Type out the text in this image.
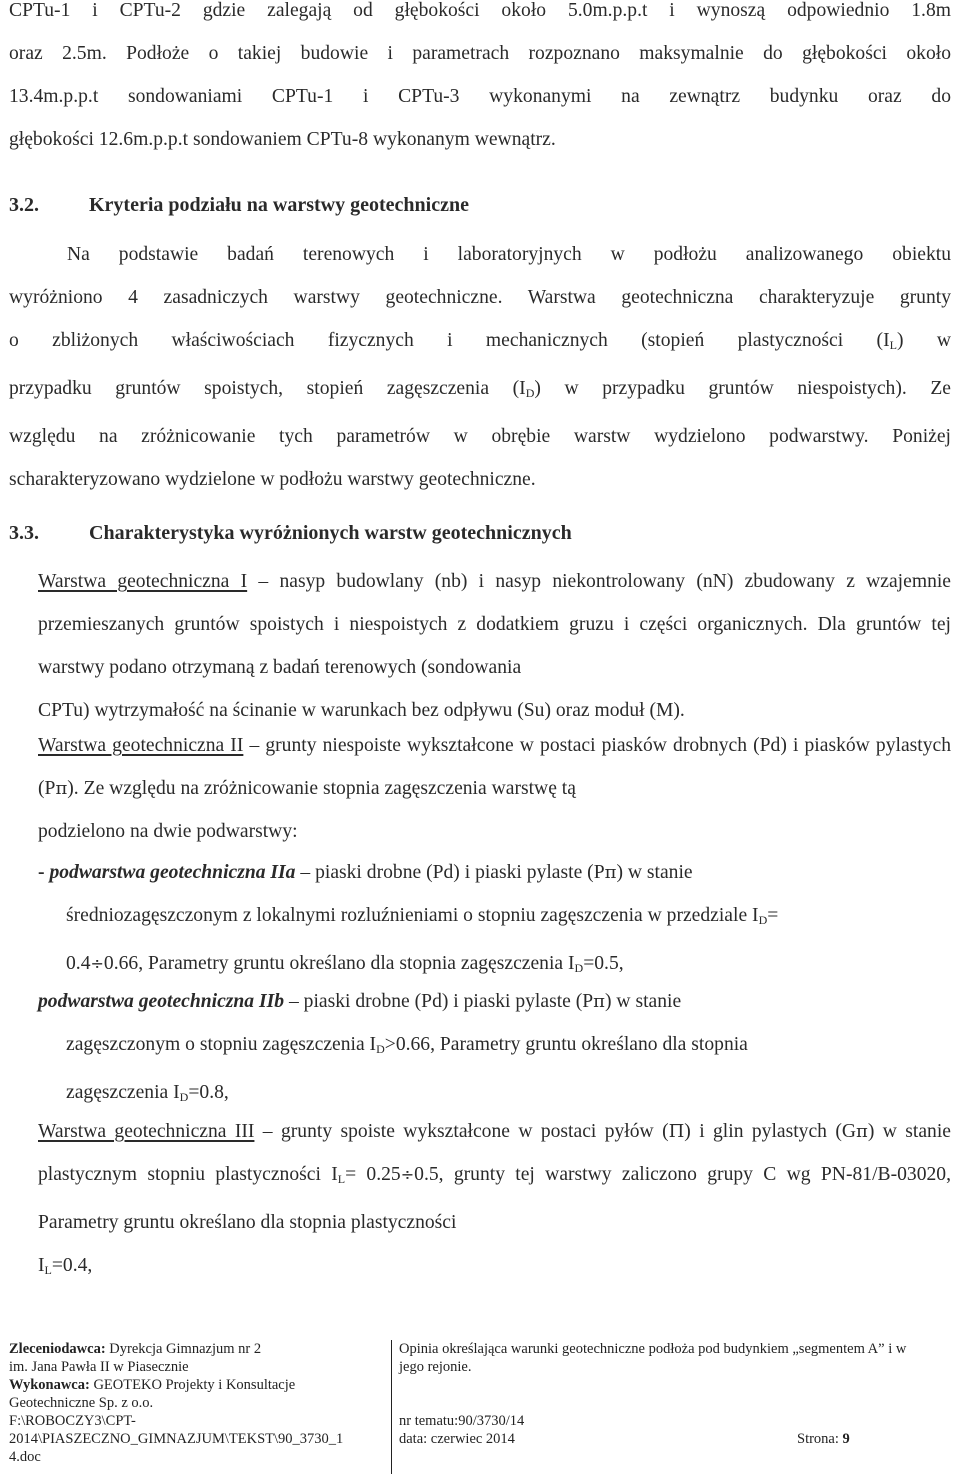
CPTu-1 i CPTu-2 gdzie zalegają od głębokości około 5.0m.p.p.t i wynoszą odpowiednio 1.8m
oraz 2.5m. Podłoże o takiej budowie i parametrach rozpoznano maksymalnie do głębokości około
13.4m.p.p.t sondowaniami CPTu-1 i CPTu-3 wykonanymi na zewnątrz budynku oraz do
głębokości 12.6m.p.p.t sondowaniem CPTu-8 wykonanym wewnątrz.

3.2.	Kryteria podziału na warstwy geotechniczne

Na podstawie badań terenowych i laboratoryjnych w podłożu analizowanego obiektu
wyróżniono 4 zasadniczych warstwy geotechniczne. Warstwa geotechniczna charakteryzuje grunty
o zbliżonych właściwościach fizycznych i mechanicznych (stopień plastyczności $(I_L)$ w
przypadku gruntów spoistych, stopień zagęszczenia $(I_D)$ w przypadku gruntów niespoistych). Ze
względu na zróżnicowanie tych parametrów w obrębie warstw wydzielono podwarstwy. Poniżej
scharakteryzowano wydzielone w podłożu warstwy geotechniczne.

3.3.	Charakterystyka wyróżnionych warstw geotechnicznych

Warstwa geotechniczna I – nasyp budowlany (nb) i nasyp niekontrolowany (nN) zbudowany z wzajemnie przemieszanych gruntów spoistych i niespoistych z dodatkiem gruzu i części organicznych. Dla gruntów tej warstwy podano otrzymaną z badań terenowych (sondowania
CPTu) wytrzymałość na ścinanie w warunkach bez odpływu (Su) oraz moduł (M).

Warstwa geotechniczna II – grunty niespoiste wykształcone w postaci piasków drobnych (Pd) i piasków pylastych (Pπ). Ze względu na zróżnicowanie stopnia zagęszczenia warstwę tą
podzielono na dwie podwarstwy:

- podwarstwa geotechniczna IIa – piaski drobne (Pd) i piaski pylaste (Pπ) w stanie
średniozagęszczonym z lokalnymi rozluźnieniami o stopniu zagęszczenia w przedziale $I_D=$
0.4÷0.66, Parametry gruntu określano dla stopnia zagęszczenia $I_D=0.5$,

podwarstwa geotechniczna IIb – piaski drobne (Pd) i piaski pylaste (Pπ) w stanie
zagęszczonym o stopniu zagęszczenia $I_D>0.66$, Parametry gruntu określano dla stopnia
zagęszczenia $I_D=0.8$,

Warstwa geotechniczna III – grunty spoiste wykształcone w postaci pyłów (Π) i glin pylastych (Gπ) w stanie plastycznym stopniu plastyczności $I_L= 0.25\div 0.5$, grunty tej warstwy zaliczono grupy C wg PN-81/B-03020, Parametry gruntu określano dla stopnia plastyczności
$I_L=0.4$,

Zleceniodawca: Dyrekcja Gimnazjum nr 2
im. Jana Pawła II w Piasecznie
Wykonawca: GEOTEKO Projekty i Konsultacje
Geotechniczne Sp. z o.o.
F:\ROBOCZY3\CPT-
2014\PIASZECZNO_GIMNAZJUM\TEKST\90_3730_1
4.doc
Opinia określająca warunki geotechniczne podłoża pod budynkiem „segmentem A” i w
jego rejonie.
nr tematu:90/3730/14
data: czerwiec 2014	Strona: 9
